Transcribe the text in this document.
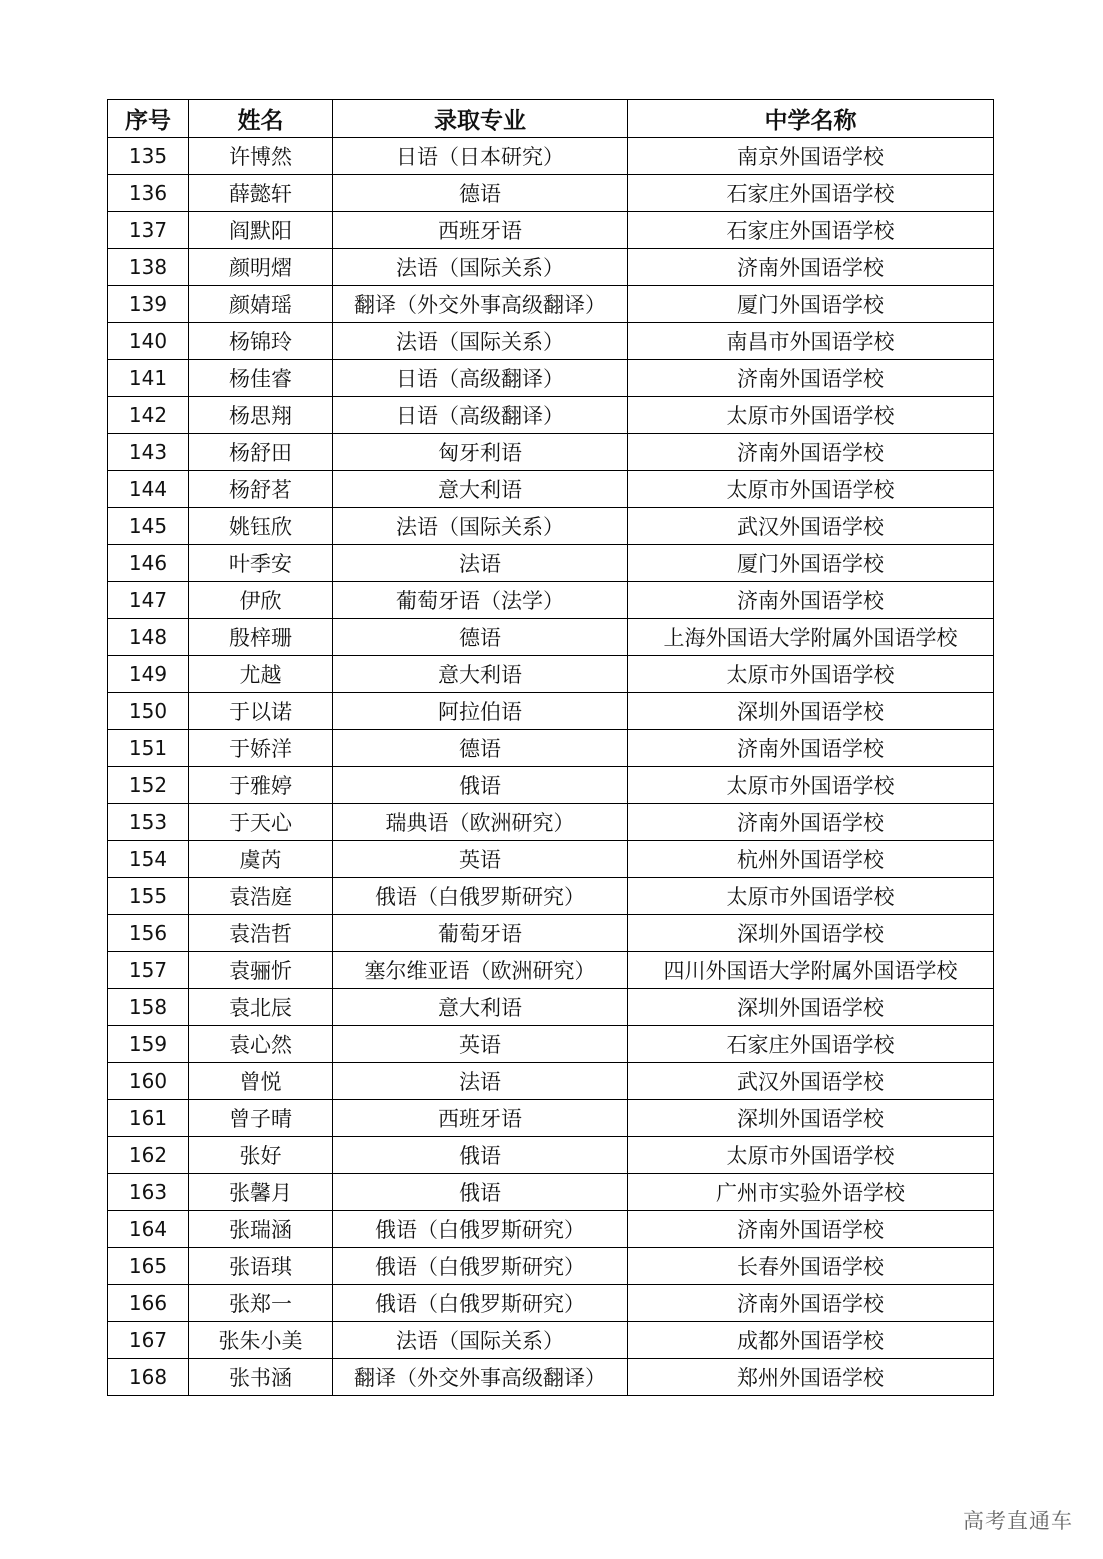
序号	姓名	录取专业	中学名称
135	许博然	日语（日本研究）	南京外国语学校
136	薛懿轩	德语	石家庄外国语学校
137	阎默阳	西班牙语	石家庄外国语学校
138	颜明熠	法语（国际关系）	济南外国语学校
139	颜婧瑶	翻译（外交外事高级翻译）	厦门外国语学校
140	杨锦玲	法语（国际关系）	南昌市外国语学校
141	杨佳睿	日语（高级翻译）	济南外国语学校
142	杨思翔	日语（高级翻译）	太原市外国语学校
143	杨舒田	匈牙利语	济南外国语学校
144	杨舒茗	意大利语	太原市外国语学校
145	姚钰欣	法语（国际关系）	武汉外国语学校
146	叶季安	法语	厦门外国语学校
147	伊欣	葡萄牙语（法学）	济南外国语学校
148	殷梓珊	德语	上海外国语大学附属外国语学校
149	尤越	意大利语	太原市外国语学校
150	于以诺	阿拉伯语	深圳外国语学校
151	于娇洋	德语	济南外国语学校
152	于雅婷	俄语	太原市外国语学校
153	于天心	瑞典语（欧洲研究）	济南外国语学校
154	虞芮	英语	杭州外国语学校
155	袁浩庭	俄语（白俄罗斯研究）	太原市外国语学校
156	袁浩哲	葡萄牙语	深圳外国语学校
157	袁骊忻	塞尔维亚语（欧洲研究）	四川外国语大学附属外国语学校
158	袁北辰	意大利语	深圳外国语学校
159	袁心然	英语	石家庄外国语学校
160	曾悦	法语	武汉外国语学校
161	曾子晴	西班牙语	深圳外国语学校
162	张好	俄语	太原市外国语学校
163	张馨月	俄语	广州市实验外语学校
164	张瑞涵	俄语（白俄罗斯研究）	济南外国语学校
165	张语琪	俄语（白俄罗斯研究）	长春外国语学校
166	张郑一	俄语（白俄罗斯研究）	济南外国语学校
167	张朱小美	法语（国际关系）	成都外国语学校
168	张书涵	翻译（外交外事高级翻译）	郑州外国语学校
高考直通车
